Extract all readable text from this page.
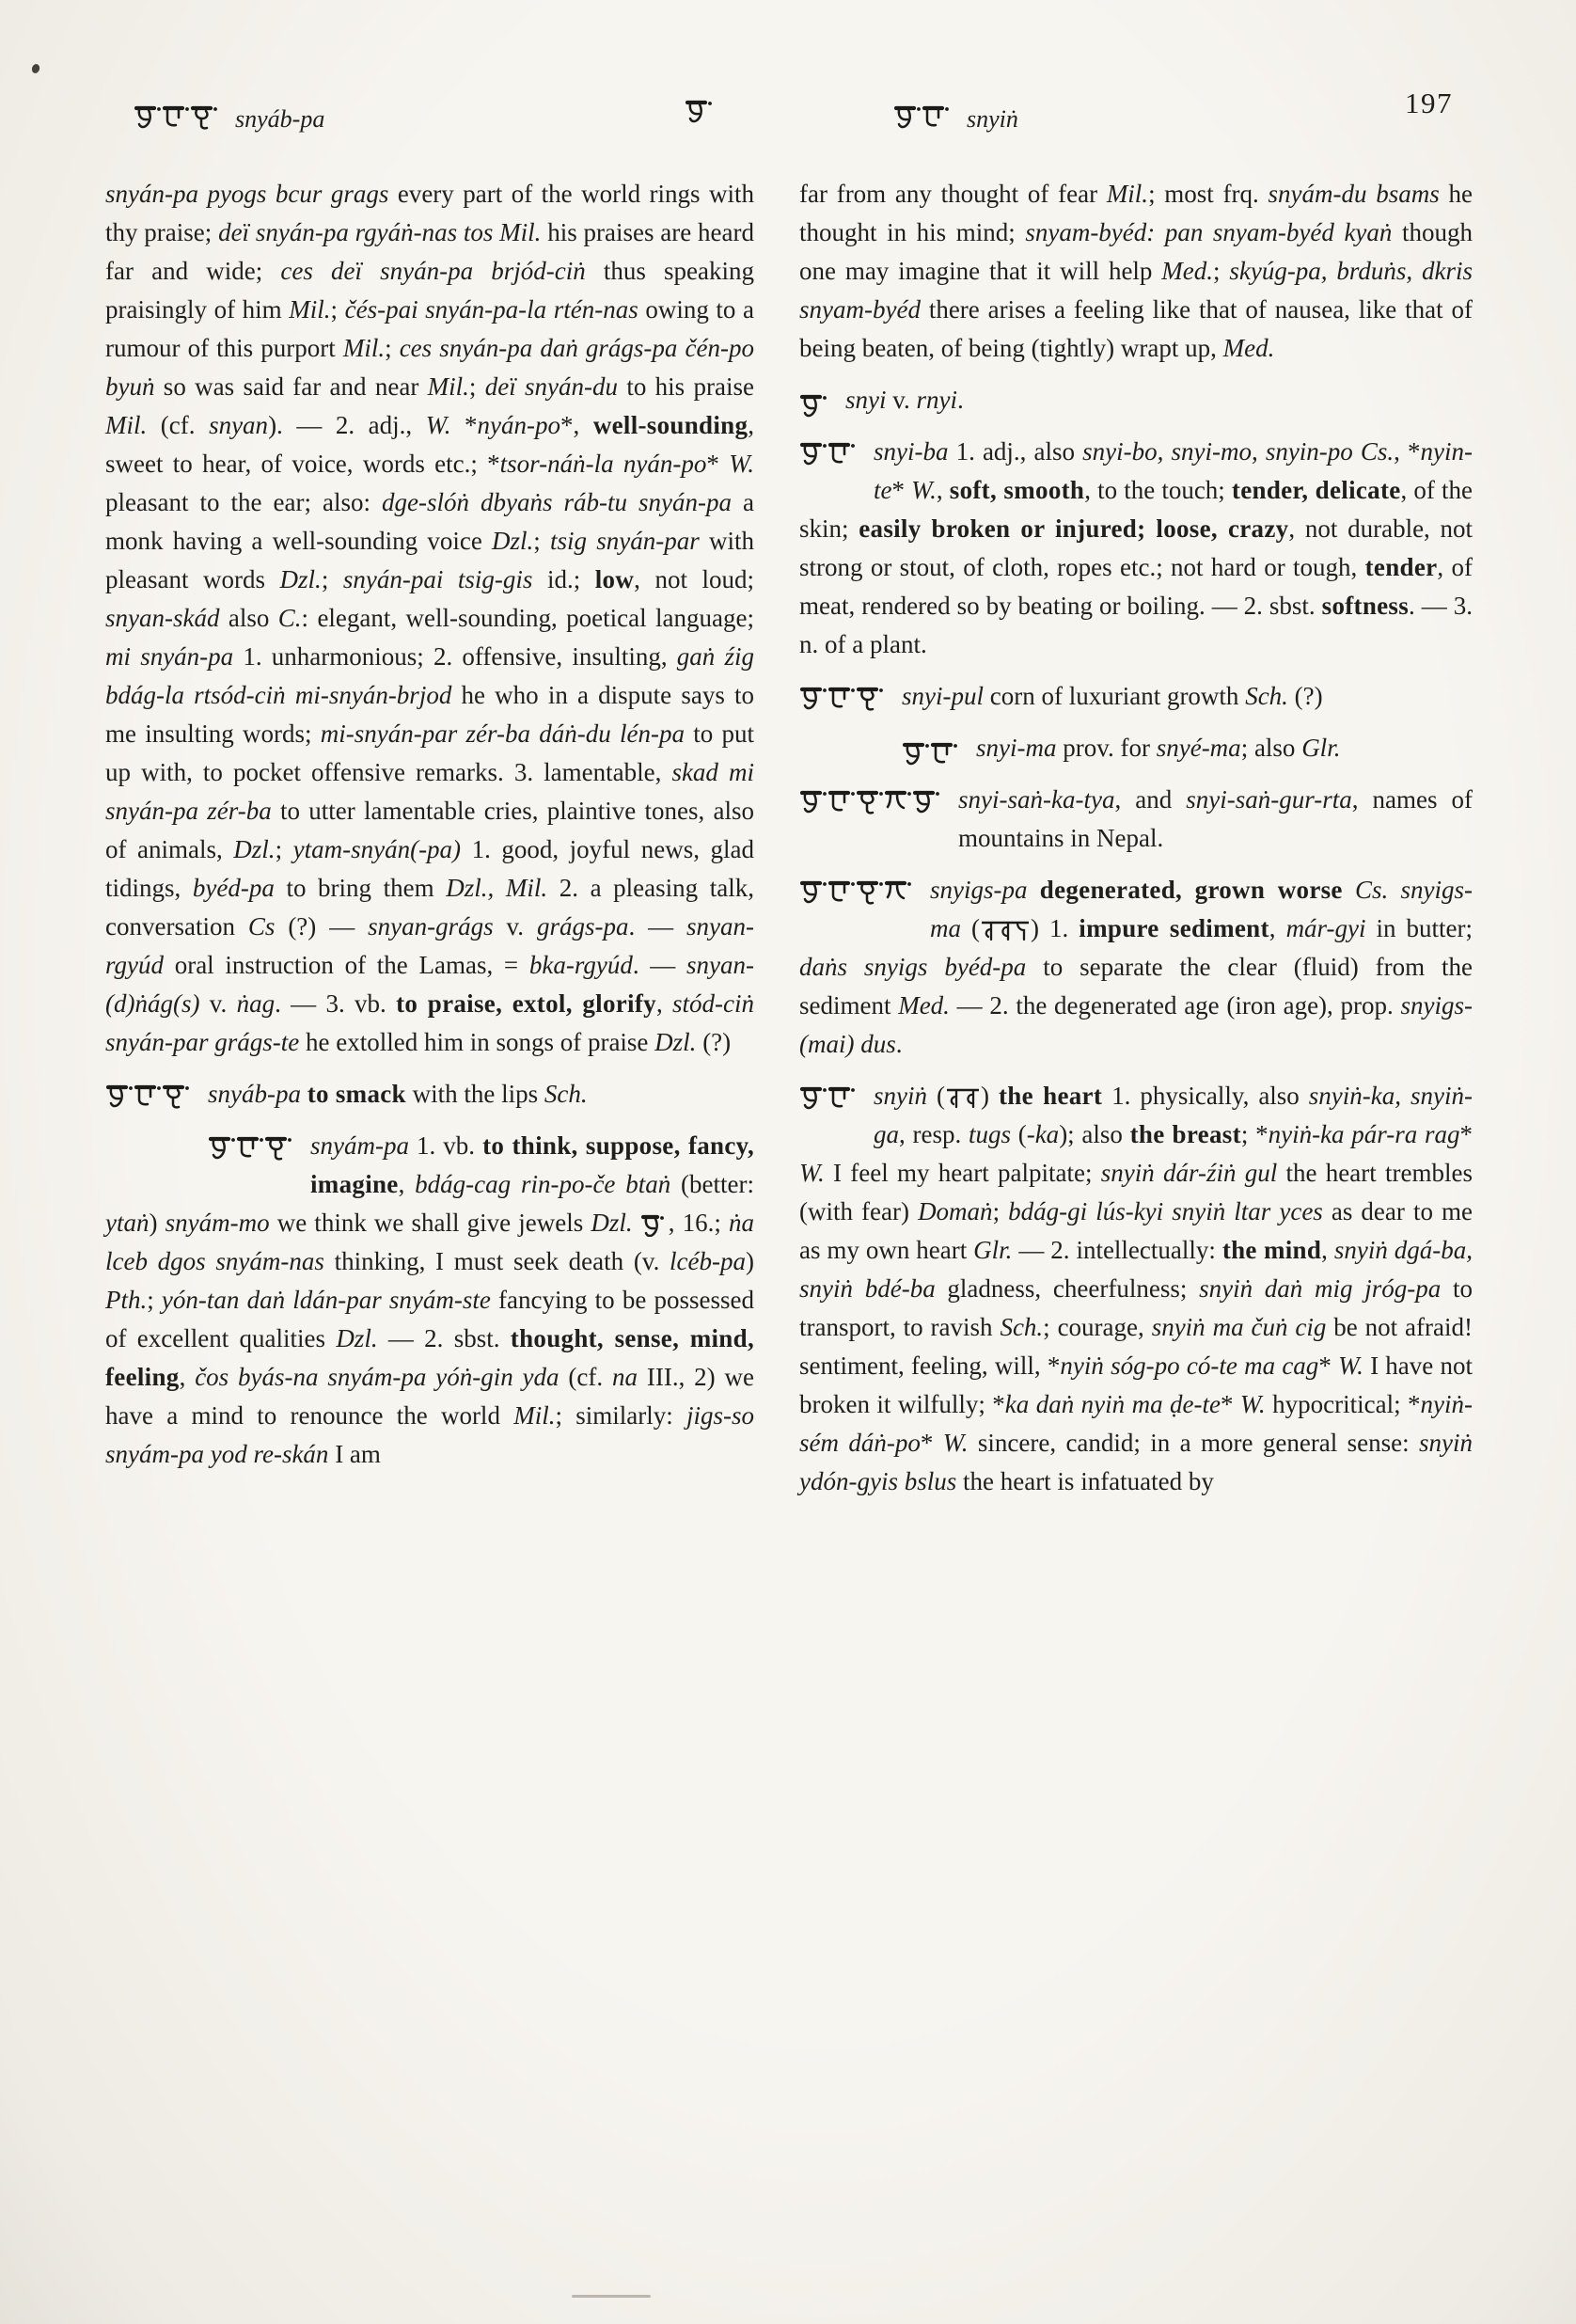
snyáb-pa	snyiṅ	197

snyán-pa pyogs bcur grags every part of the world rings with thy praise; deï snyán-pa rgyáṅ-nas tos Mil. his praises are heard far and wide; ces deï snyán-pa brjód-ciṅ thus speaking praisingly of him Mil.; čés-pai snyán-pa-la rtén-nas owing to a rumour of this purport Mil.; ces snyán-pa daṅ grágs-pa čén-po byuṅ so was said far and near Mil.; deï snyán-du to his praise Mil. (cf. snyan). — 2. adj., W. *nyán-po*, well-sounding, sweet to hear, of voice, words etc.; *tsor-náṅ-la nyán-po* W. pleasant to the ear; also: dge-slóṅ dbyaṅs ráb-tu snyán-pa a monk having a well-sounding voice Dzl.; tsig snyán-par with pleasant words Dzl.; snyán-pai tsig-gis id.; low, not loud; snyan-skád also C.: elegant, well-sounding, poetical language; mi snyán-pa 1. unharmonious; 2. offensive, insulting, gaṅ źig bdág-la rtsód-ciṅ mi-snyán-brjod he who in a dispute says to me insulting words; mi-snyán-par zér-ba dáṅ-du lén-pa to put up with, to pocket offensive remarks. 3. lamentable, skad mi snyán-pa zér-ba to utter lamentable cries, plaintive tones, also of animals, Dzl.; ytam-snyán(-pa) 1. good, joyful news, glad tidings, byéd-pa to bring them Dzl., Mil. 2. a pleasing talk, conversation Cs (?) — snyan-grágs v. grágs-pa. — snyan-rgyúd oral instruction of the Lamas, = bka-rgyúd. — snyan-(d)ṅág(s) v. ṅag. — 3. vb. to praise, extol, glorify, stód-ciṅ snyán-par grágs-te he extolled him in songs of praise Dzl. (?)

snyáb-pa to smack with the lips Sch.
snyám-pa 1. vb. to think, suppose, fancy, imagine, bdág-cag rin-po-če btaṅ (better: ytaṅ) snyám-mo we think we shall give jewels Dzl. , 16.; ṅa lceb dgos snyám-nas thinking, I must seek death (v. lcéb-pa) Pth.; yón-tan daṅ ldán-par snyám-ste fancying to be possessed of excellent qualities Dzl. — 2. sbst. thought, sense, mind, feeling, čos byás-na snyám-pa yóṅ-gin yda (cf. na III., 2) we have a mind to renounce the world Mil.; similarly: jigs-so snyám-pa yod re-skán I am

far from any thought of fear Mil.; most frq. snyám-du bsams he thought in his mind; snyam-byéd: pan snyam-byéd kyaṅ though one may imagine that it will help Med.; skyúg-pa, brduṅs, dkris snyam-byéd there arises a feeling like that of nausea, like that of being beaten, of being (tightly) wrapt up, Med.

snyi v. rnyi.
snyi-ba 1. adj., also snyi-bo, snyi-mo, snyin-po Cs., *nyin-te* W., soft, smooth, to the touch; tender, delicate, of the skin; easily broken or injured; loose, crazy, not durable, not strong or stout, of cloth, ropes etc.; not hard or tough, tender, of meat, rendered so by beating or boiling. — 2. sbst. softness. — 3. n. of a plant.
snyi-pul corn of luxuriant growth Sch. (?)
snyi-ma prov. for snyé-ma; also Glr.
snyi-saṅ-ka-tya, and snyi-saṅ-gur-rta, names of mountains in Nepal.
snyigs-pa degenerated, grown worse Cs. snyigs-ma ( ) 1. impure sediment, már-gyi in butter; daṅs snyigs byéd-pa to separate the clear (fluid) from the sediment Med. — 2. the degenerated age (iron age), prop. snyigs-(mai) dus.
snyiṅ ( ) the heart 1. physically, also snyiṅ-ka, snyiṅ-ga, resp. tugs (-ka); also the breast; *nyiṅ-ka pár-ra rag* W. I feel my heart palpitate; snyiṅ dár-źiṅ gul the heart trembles (with fear) Domaṅ; bdág-gi lús-kyi snyiṅ ltar yces as dear to me as my own heart Glr. — 2. intellectually: the mind, snyiṅ dgá-ba, snyiṅ bdé-ba gladness, cheerfulness; snyiṅ daṅ mig jróg-pa to transport, to ravish Sch.; courage, snyiṅ ma čuṅ cig be not afraid! sentiment, feeling, will, *nyiṅ sóg-po có-te ma cag* W. I have not broken it wilfully; *ka daṅ nyiṅ ma ḍe-te* W. hypocritical; *nyiṅ-sém dáṅ-po* W. sincere, candid; in a more general sense: snyiṅ ydón-gyis bslus the heart is infatuated by
